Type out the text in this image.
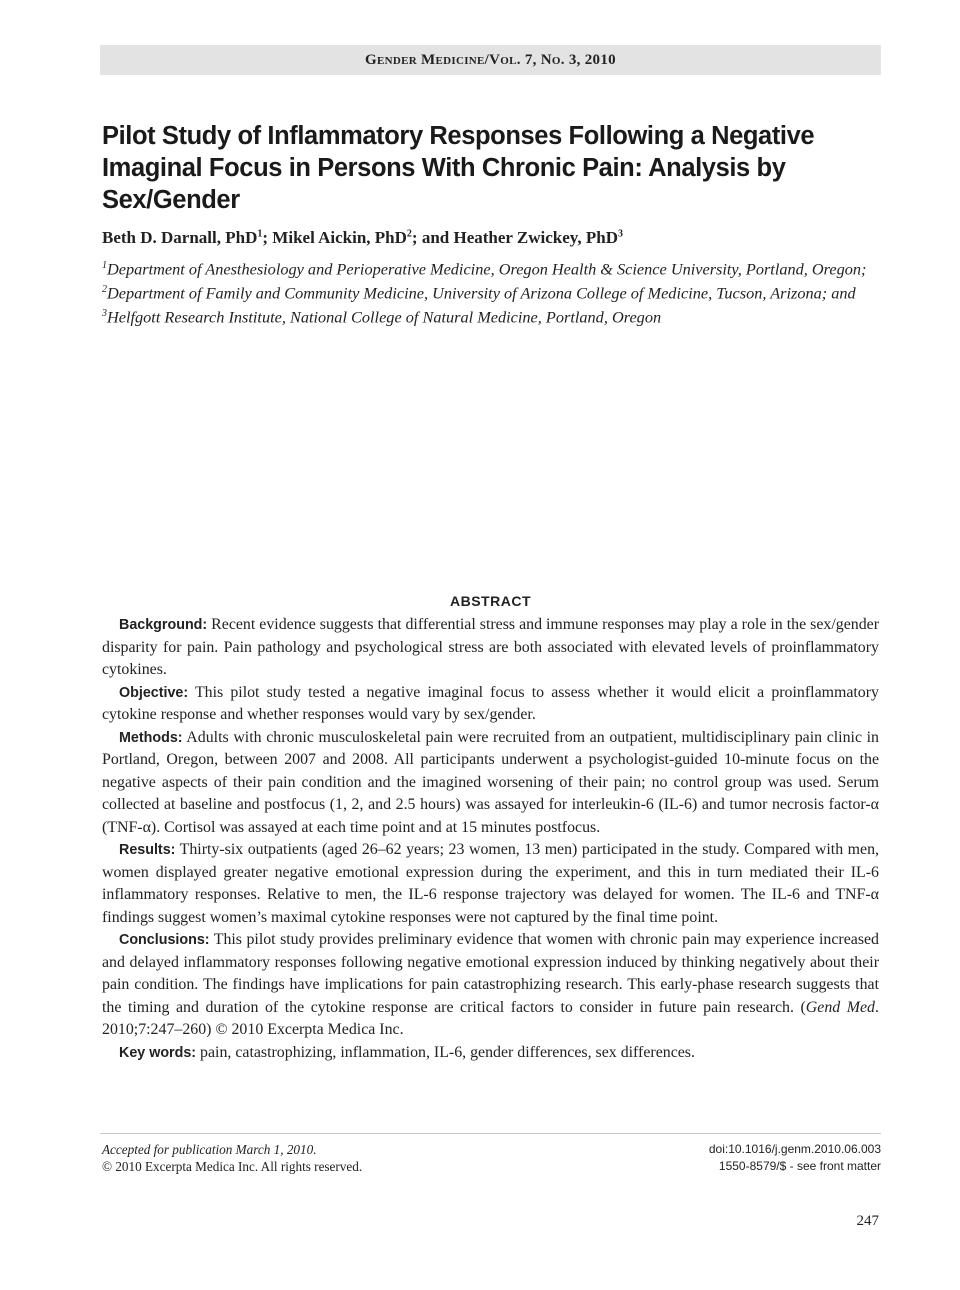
Gender Medicine/Vol. 7, No. 3, 2010
Pilot Study of Inflammatory Responses Following a Negative Imaginal Focus in Persons With Chronic Pain: Analysis by Sex/Gender
Beth D. Darnall, PhD$^1$; Mikel Aickin, PhD$^2$; and Heather Zwickey, PhD$^3$
$^1$Department of Anesthesiology and Perioperative Medicine, Oregon Health & Science University, Portland, Oregon; $^2$Department of Family and Community Medicine, University of Arizona College of Medicine, Tucson, Arizona; and $^3$Helfgott Research Institute, National College of Natural Medicine, Portland, Oregon
ABSTRACT

Background: Recent evidence suggests that differential stress and immune responses may play a role in the sex/gender disparity for pain. Pain pathology and psychological stress are both associated with elevated levels of proinflammatory cytokines.

Objective: This pilot study tested a negative imaginal focus to assess whether it would elicit a proinflammatory cytokine response and whether responses would vary by sex/gender.

Methods: Adults with chronic musculoskeletal pain were recruited from an outpatient, multidisciplinary pain clinic in Portland, Oregon, between 2007 and 2008. All participants underwent a psychologist-guided 10-minute focus on the negative aspects of their pain condition and the imagined worsening of their pain; no control group was used. Serum collected at baseline and postfocus (1, 2, and 2.5 hours) was assayed for interleukin-6 (IL-6) and tumor necrosis factor-α (TNF-α). Cortisol was assayed at each time point and at 15 minutes postfocus.

Results: Thirty-six outpatients (aged 26–62 years; 23 women, 13 men) participated in the study. Compared with men, women displayed greater negative emotional expression during the experiment, and this in turn mediated their IL-6 inflammatory responses. Relative to men, the IL-6 response trajectory was delayed for women. The IL-6 and TNF-α findings suggest women’s maximal cytokine responses were not captured by the final time point.

Conclusions: This pilot study provides preliminary evidence that women with chronic pain may experience increased and delayed inflammatory responses following negative emotional expression induced by thinking negatively about their pain condition. The findings have implications for pain catastrophizing research. This early-phase research suggests that the timing and duration of the cytokine response are critical factors to consider in future pain research. (Gend Med. 2010;7:247–260) © 2010 Excerpta Medica Inc.

Key words: pain, catastrophizing, inflammation, IL-6, gender differences, sex differences.

Accepted for publication March 1, 2010.
© 2010 Excerpta Medica Inc. All rights reserved.
doi:10.1016/j.genm.2010.06.003
1550-8579/$ - see front matter
247
